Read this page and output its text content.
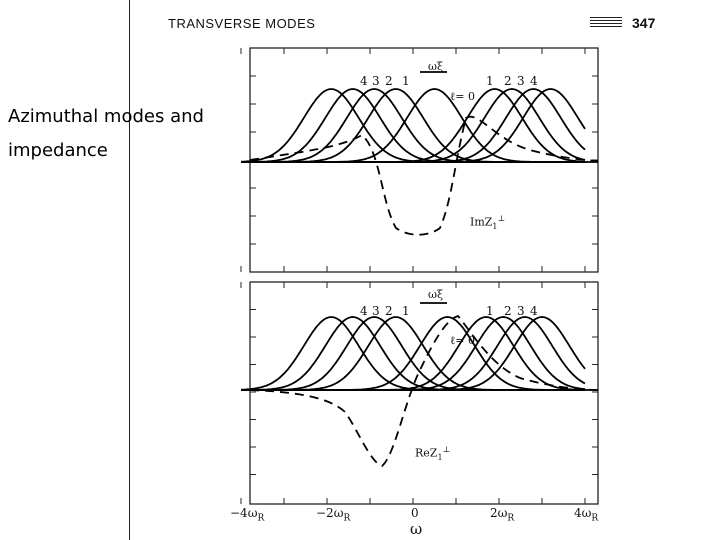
Azimuthal modes and impedance
TRANSVERSE MODES	347
$-4\omega_R$	$-2\omega_R$	0	$2\omega_R$	$4\omega_R$
ω
4 3 2 1	1 2 3 4
ωξ
ℓ= 0
ImZ$_1$⊥
4 3 2 1	1 2 3 4
ωξ
ℓ= 0
ReZ$_1$⊥
